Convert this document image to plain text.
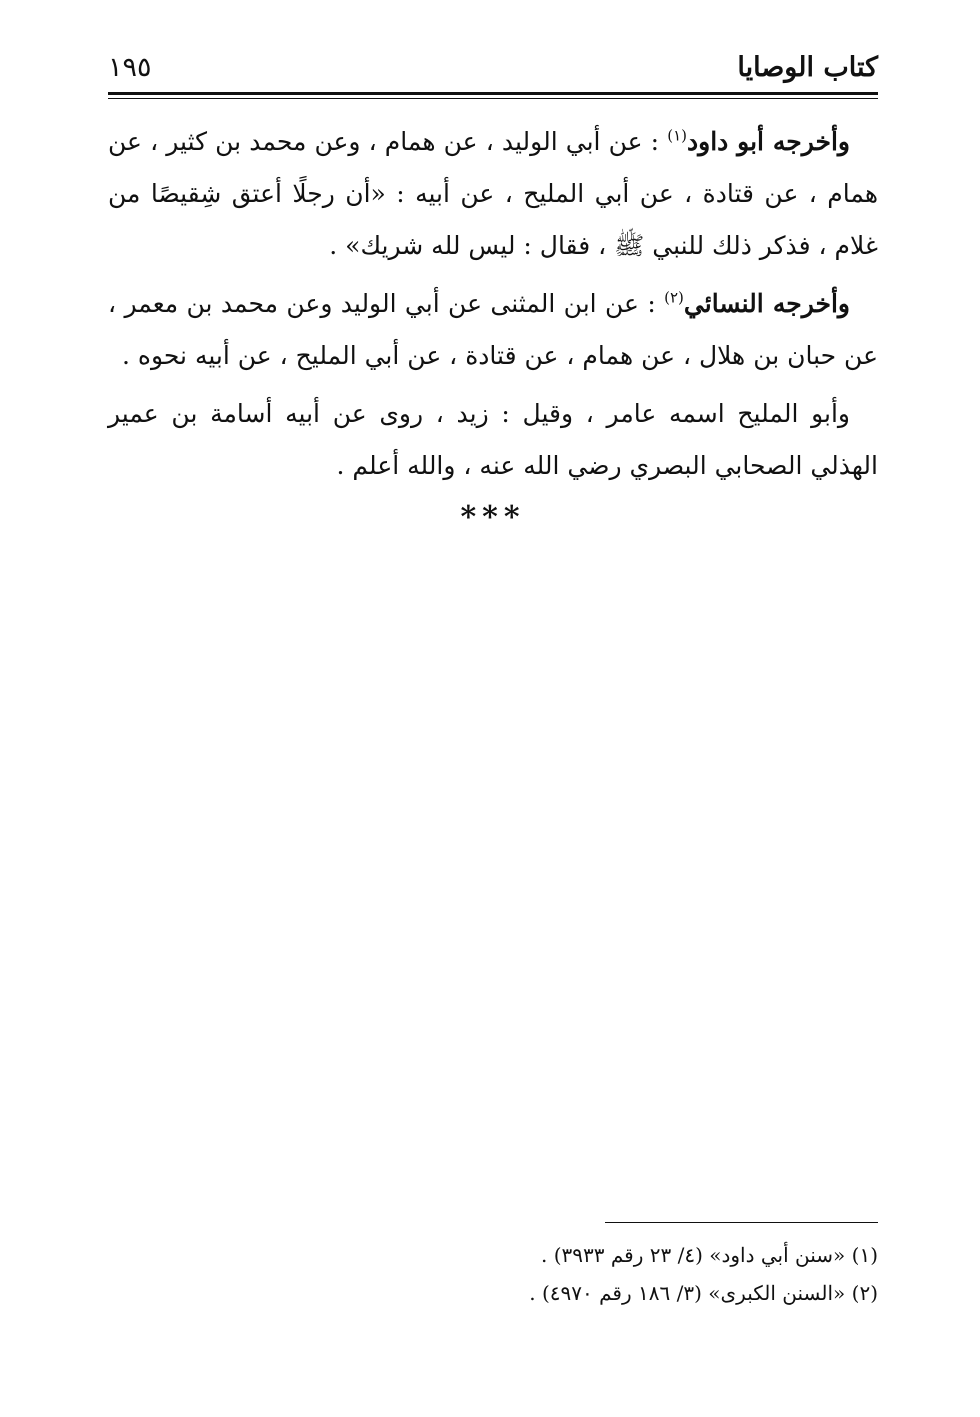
كتاب الوصايا
١٩٥

وأخرجه أبو داود$^{(١)}$ : عن أبي الوليد ، عن همام ، وعن محمد بن كثير ، عن همام ، عن قتادة ، عن أبي المليح ، عن أبيه : «أن رجلًا أعتق شِقيصًا من غلام ، فذكر ذلك للنبي ﷺ ، فقال : ليس لله شريك» .

وأخرجه النسائي$^{(٢)}$ : عن ابن المثنى عن أبي الوليد وعن محمد بن معمر ، عن حبان بن هلال ، عن همام ، عن قتادة ، عن أبي المليح ، عن أبيه نحوه .

وأبو المليح اسمه عامر ، وقيل : زيد ، روى عن أبيه أسامة بن عمير الهذلي الصحابي البصري رضي الله عنه ، والله أعلم .

***

(١) «سنن أبي داود» (٤/ ٢٣ رقم ٣٩٣٣) .

(٢) «السنن الكبرى» (٣/ ١٨٦ رقم ٤٩٧٠) .
